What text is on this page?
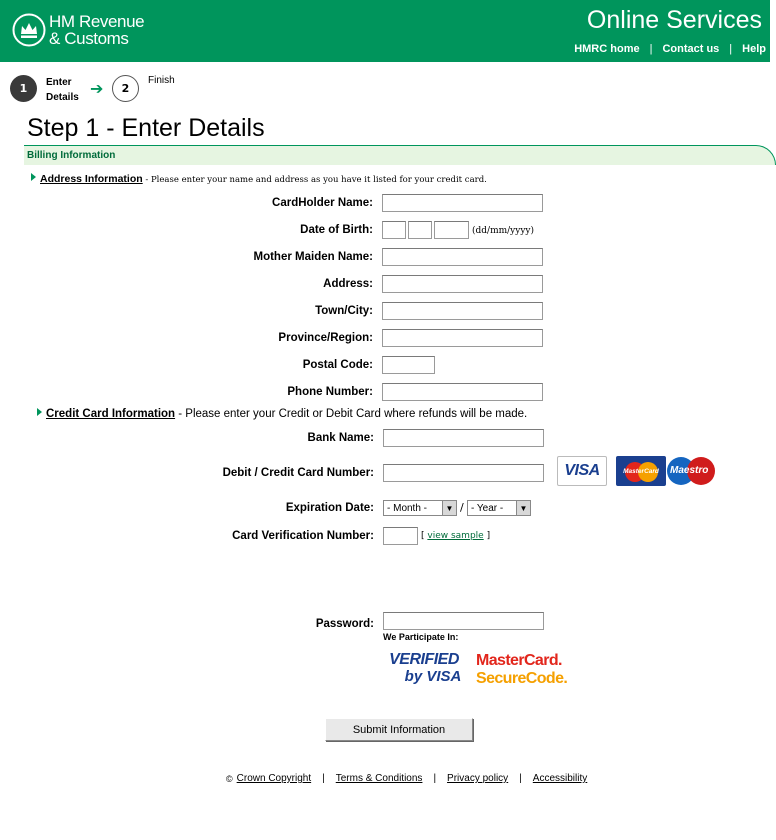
HM Revenue
& Customs
Online Services
HMRC home | Contact us | Help
1	Enter
Details ➔	2
Finish
Step 1 - Enter Details
Billing Information
Address Information - Please enter your name and address as you have it listed for your credit card.
CardHolder Name:
Date of Birth:	(dd/mm/yyyy)
Mother Maiden Name:
Address:
Town/City:
Province/Region:
Postal Code:
Phone Number:
Credit Card Information - Please enter your Credit or Debit Card where refunds will be made.
Bank Name:
Debit / Credit Card Number:	VISA	MasterCard Maestro
Expiration Date: - Month -	▼ / - Year -	▼
Card Verification Number:	[ view sample ]
Password:
We Participate In:
VERIFIED
by VISA
MasterCard.
SecureCode.
Submit Information
© Crown Copyright | Terms & Conditions | Privacy policy | Accessibility
